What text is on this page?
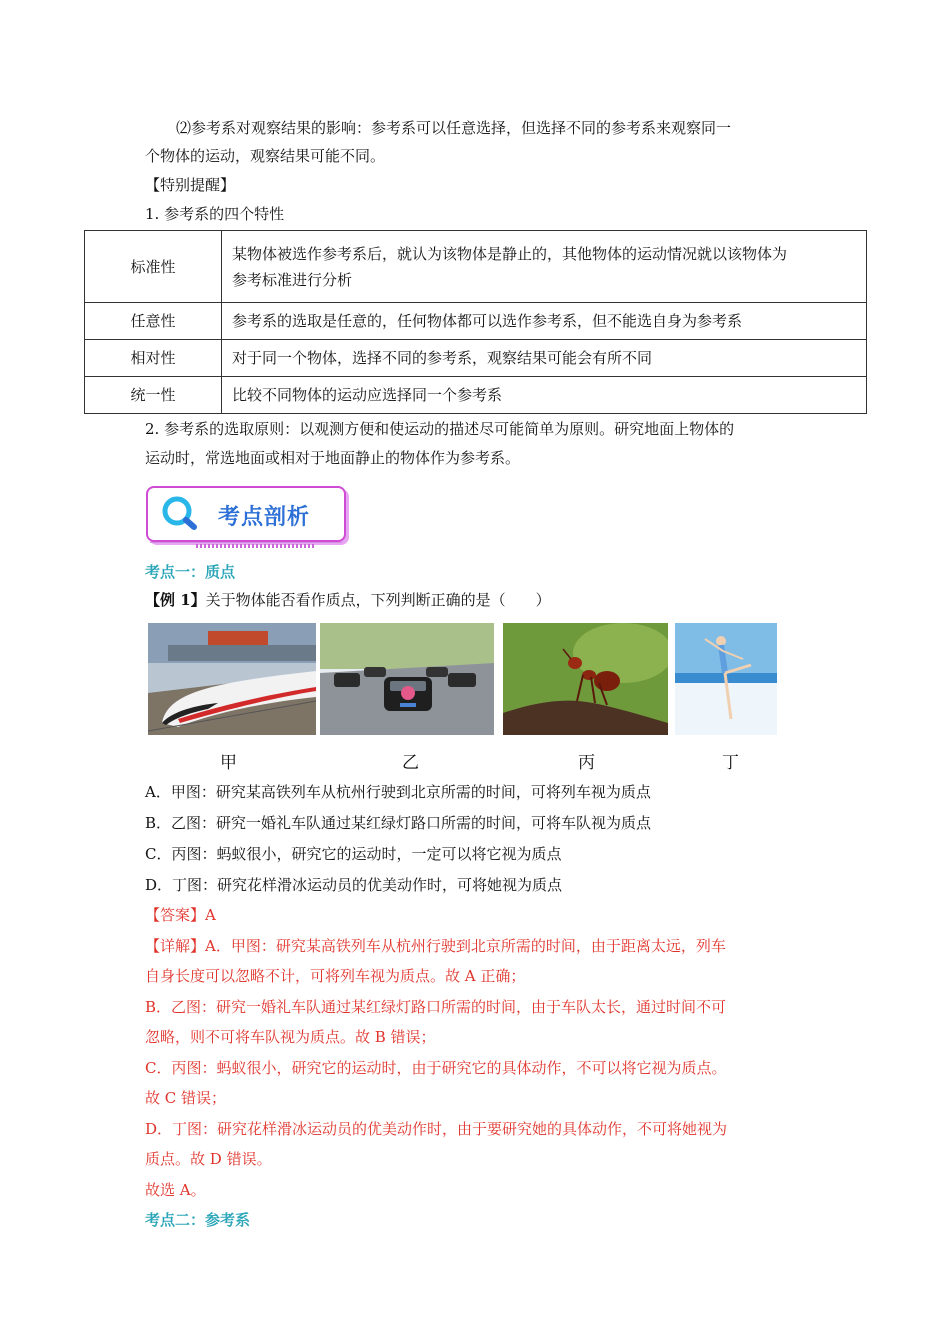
⑵参考系对观察结果的影响：参考系可以任意选择，但选择不同的参考系来观察同一
个物体的运动，观察结果可能不同。
【特别提醒】
1. 参考系的四个特性
标准性	某物体被选作参考系后，就认为该物体是静止的，其他物体的运动情况就以该物体为
参考标准进行分析

任意性	参考系的选取是任意的，任何物体都可以选作参考系，但不能选自身为参考系
相对性	对于同一个物体，选择不同的参考系，观察结果可能会有所不同
统一性	比较不同物体的运动应选择同一个参考系
2. 参考系的选取原则：以观测方便和使运动的描述尽可能简单为原则。研究地面上物体的
运动时，常选地面或相对于地面静止的物体作为参考系。
考点剖析
考点一：质点
【例 1】关于物体能否看作质点，下列判断正确的是（　　）
甲	乙	丙	丁
A．甲图：研究某高铁列车从杭州行驶到北京所需的时间，可将列车视为质点
B．乙图：研究一婚礼车队通过某红绿灯路口所需的时间，可将车队视为质点
C．丙图：蚂蚁很小，研究它的运动时，一定可以将它视为质点
D．丁图：研究花样滑冰运动员的优美动作时，可将她视为质点
【答案】A
【详解】A．甲图：研究某高铁列车从杭州行驶到北京所需的时间，由于距离太远，列车
自身长度可以忽略不计，可将列车视为质点。故 A 正确；
B．乙图：研究一婚礼车队通过某红绿灯路口所需的时间，由于车队太长，通过时间不可
忽略，则不可将车队视为质点。故 B 错误；
C．丙图：蚂蚁很小，研究它的运动时，由于研究它的具体动作，不可以将它视为质点。
故 C 错误；
D．丁图：研究花样滑冰运动员的优美动作时，由于要研究她的具体动作，不可将她视为
质点。故 D 错误。
故选 A。
考点二：参考系
